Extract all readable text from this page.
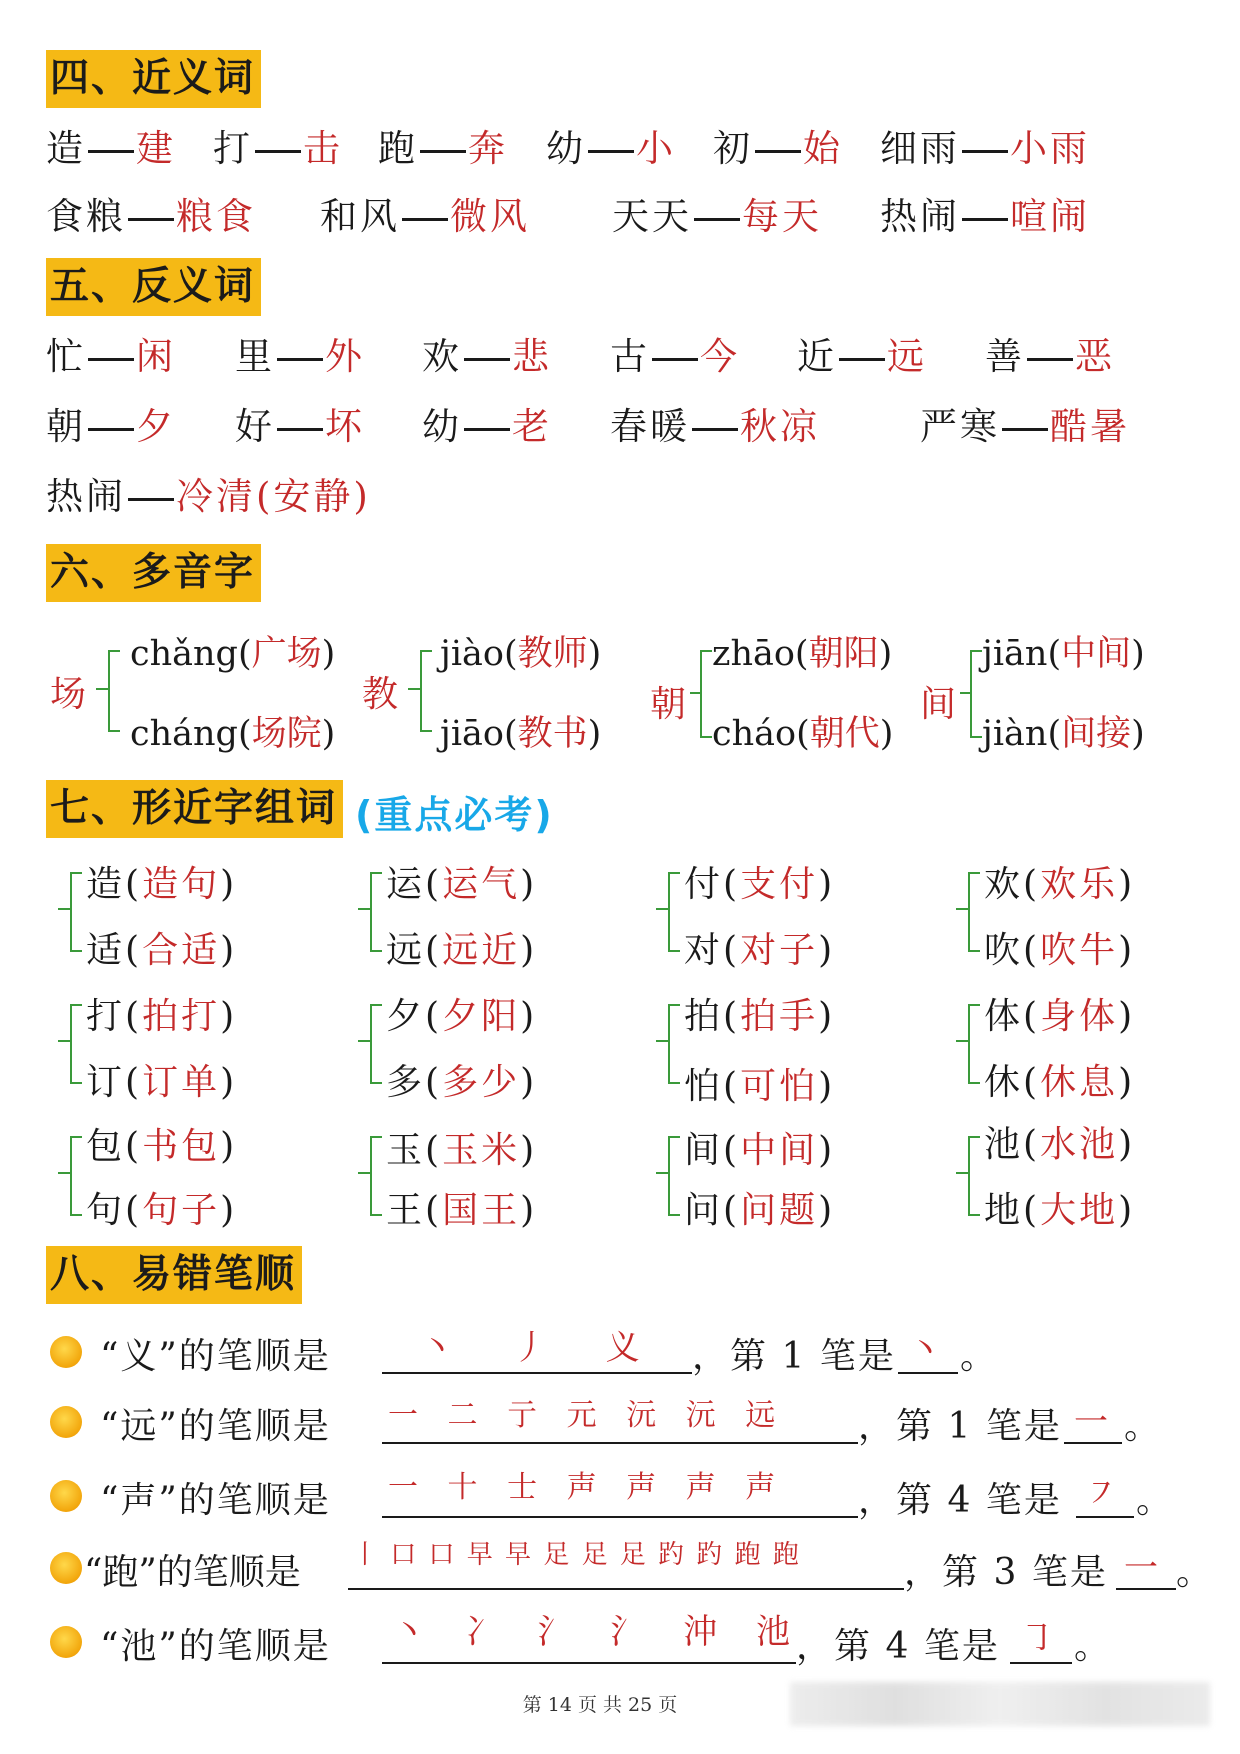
四、近义词
造 建 打 击 跑 奔 幼 小 初 始 细雨 小雨
食粮 粮食 和风 微风 天天 每天 热闹 喧闹
五、反义词
忙 闲 里 外 欢 悲 古 今 近 远 善 恶
朝 夕 好 坏 幼 老 春暖 秋凉	严寒 酷暑
热闹 冷清(安静)
六、多音字
场
chǎng(广场)
cháng(场院)
教
jiào(教师)
jiāo(教书)
朝
zhāo(朝阳)
cháo(朝代)
间
jiān(中间)
jiàn(间接)
七、形近字组词 (重点必考)
造(造句)
适(合适)
运(运气)
远(远近)
付(支付)
对(对子)
欢(欢乐)
吹(吹牛)
打(拍打)
订(订单)
夕(夕阳)
多(多少)
拍(拍手)
怕(可怕)
体(身体)
休(休息)
包(书包)
句(句子)
玉(玉米)
王(国王)
间(中间)
问(问题)
池(水池)
地(大地)
八、易错笔顺
“义”的笔顺是	丶 丿 义 ，第 1 笔是 丶 。
“远”的笔顺是 一 二 亍 元 沅 沅 远 ，第 1 笔是 一 。
“声”的笔顺是 一 十 士 声 声 声 声 ，第 4 笔是 ㇇ 。
“跑”的笔顺是 丨 口 口 早 早 足 足 足 趵 趵 跑 跑	，第 3 笔是 一 。
“池”的笔顺是 丶 冫 氵 氵 沖 池
，第 4 笔是 ㇆ 。
第 14 页 共 25 页
